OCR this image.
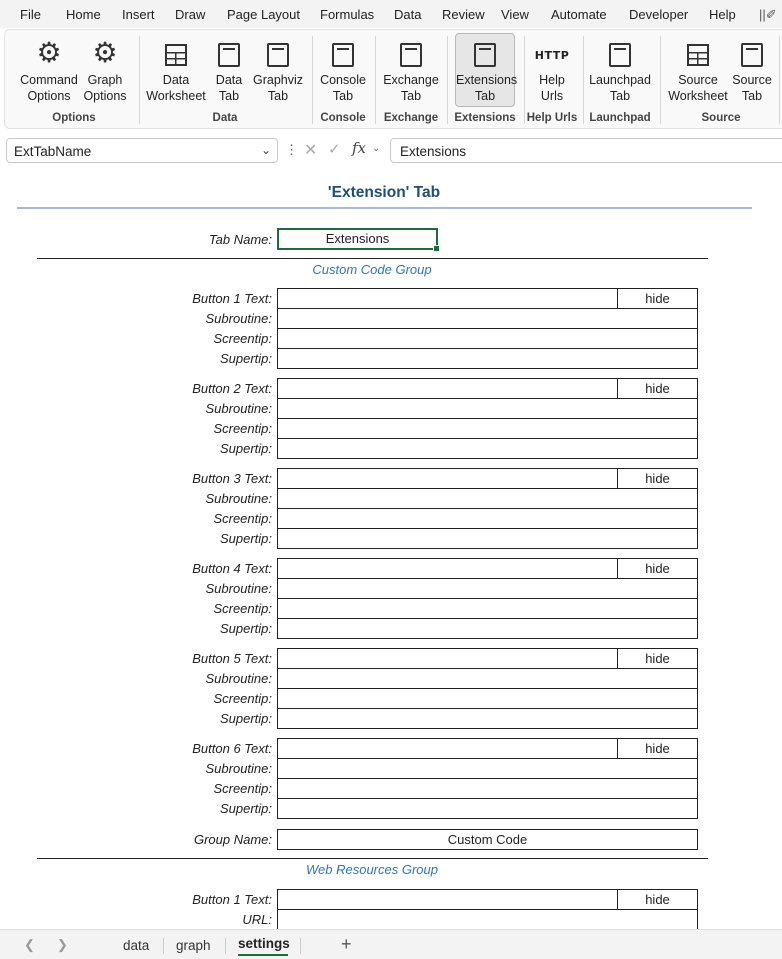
File Home Insert Draw Page Layout Formulas Data Review View Automate Developer Help ||✐
⚙
Command
Options
⚙
Graph
Options
Options
Data
Worksheet
Data
Tab
Graphviz
Tab
Data
Console
Tab
Console
Exchange
Tab
Exchange
Extensions
Tab
Extensions
HTTP
Help
Urls
Help Urls
Launchpad
Tab
Launchpad
Source
Worksheet
Source
Tab
Source
ExtTabName	⌄ ⋮ ✕ ✓ fx ⌄ Extensions
'Extension' Tab
Tab Name:	Extensions
Custom Code Group
Button 1 Text:	hide
Subroutine:
Screentip:
Supertip:
Button 2 Text:	hide
Subroutine:
Screentip:
Supertip:
Button 3 Text:	hide
Subroutine:
Screentip:
Supertip:
Button 4 Text:	hide
Subroutine:
Screentip:
Supertip:
Button 5 Text:	hide
Subroutine:
Screentip:
Supertip:
Button 6 Text:	hide
Subroutine:
Screentip:
Supertip:
Group Name:	Custom Code
Web Resources Group
Button 1 Text:	hide
URL:
❮ ❯	data graph settings	+
